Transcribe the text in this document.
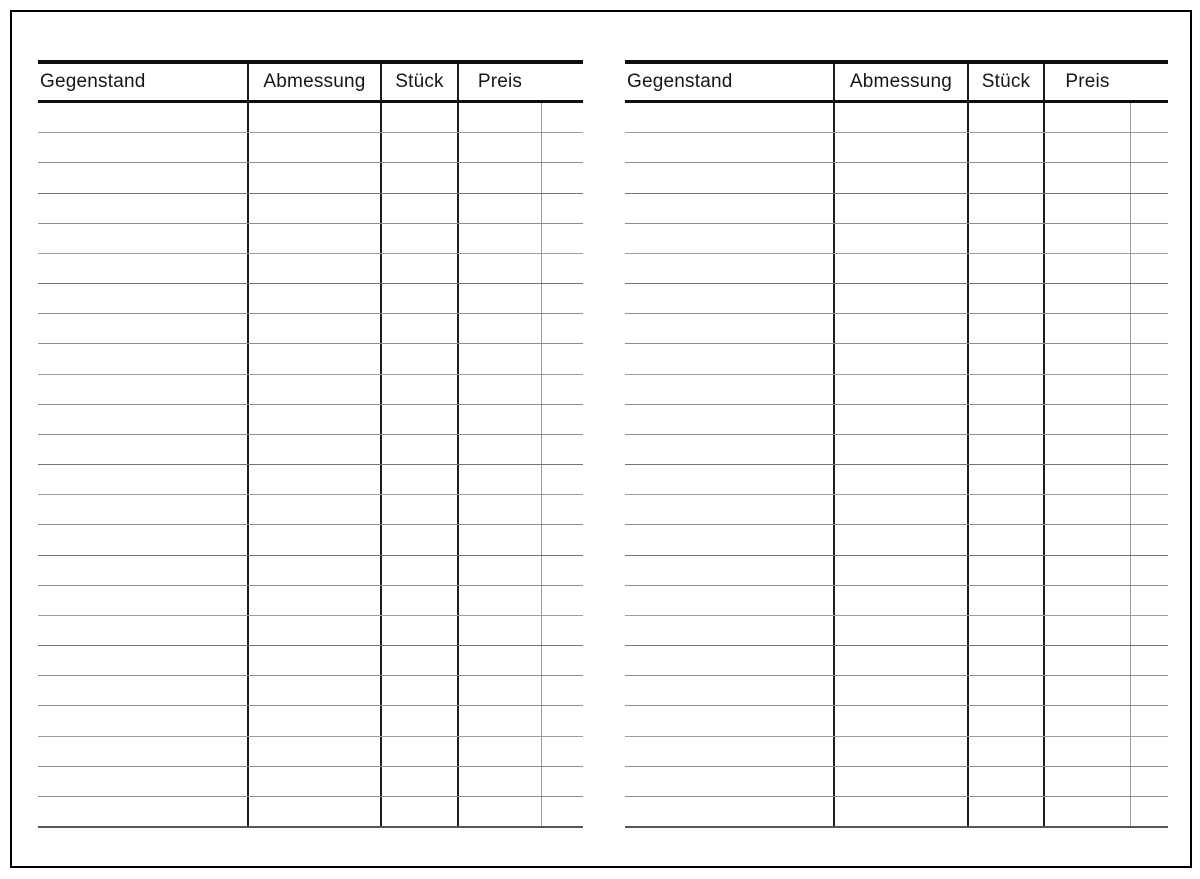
Gegenstand	Abmessung	Stück	Preis	Gegenstand	Abmessung	Stück	Preis
